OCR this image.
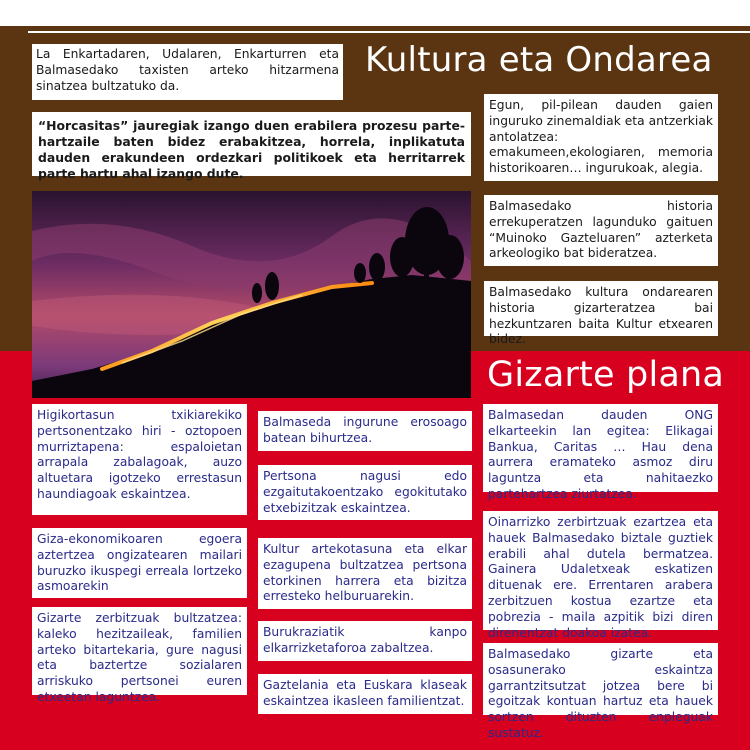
Kultura eta Ondarea
La Enkartadaren, Udalaren, Enkarturren eta Balmasedako taxisten arteko hitzarmena sinatzea bultzatuko da.
“Horcasitas” jauregiak izango duen erabilera prozesu parte-hartzaile baten bidez erabakitzea, horrela, inplikatuta dauden erakundeen ordezkari politikoek eta herritarrek parte hartu ahal izango dute.
Egun, pil-pilean dauden gaien inguruko zinemaldiak eta antzerkiak antolatzea: emakumeen,ekologiaren, memoria historikoaren… ingurukoak, alegia.
Balmasedako historia errekuperatzen lagunduko gaituen “Muinoko Gazteluaren” azterketa arkeologiko bat bideratzea.
Balmasedako kultura ondarearen historia gizarteratzea bai hezkuntzaren baita Kultur etxearen bidez.
Gizarte plana
Higikortasun txikiarekiko pertsonentzako hiri - oztopoen murriztapena: espaloietan arrapala zabalagoak, auzo altuetara igotzeko errestasun haundiagoak eskaintzea.
Giza-ekonomikoaren egoera aztertzea ongizatearen mailari buruzko ikuspegi erreala lortzeko asmoarekin
Gizarte zerbitzuak bultzatzea: kaleko hezitzaileak, familien arteko bitartekaria, gure nagusi eta baztertze sozialaren arriskuko pertsonei euren etxeetan laguntzea.
Balmaseda ingurune erosoago batean bihurtzea.
Pertsona nagusi edo ezgaitutakoentzako egokitutako etxebizitzak eskaintzea.
Kultur artekotasuna eta elkar ezagupena bultzatzea pertsona etorkinen harrera eta bizitza erresteko helburuarekin.
Burukraziatik kanpo elkarrizketaforoa zabaltzea.
Gaztelania eta Euskara klaseak eskaintzea ikasleen familientzat.
Balmasedan dauden ONG elkarteekin lan egitea: Elikagai Bankua, Caritas … Hau dena aurrera eramateko asmoz diru laguntza eta nahitaezko partehartzea ziurtatzea.
Oinarrizko zerbirtzuak ezartzea eta hauek Balmasedako biztale guztiek erabili ahal dutela bermatzea. Gainera Udaletxeak eskatizen dituenak ere. Errentaren arabera zerbitzuen kostua ezartze eta pobrezia - maila azpitik bizi diren direnentzat doakoa izatea.
Balmasedako gizarte eta osasunerako eskaintza garrantzitsutzat jotzea bere bi egoitzak kontuan hartuz eta hauek sortzen dituzten enpleguak sustatuz.
